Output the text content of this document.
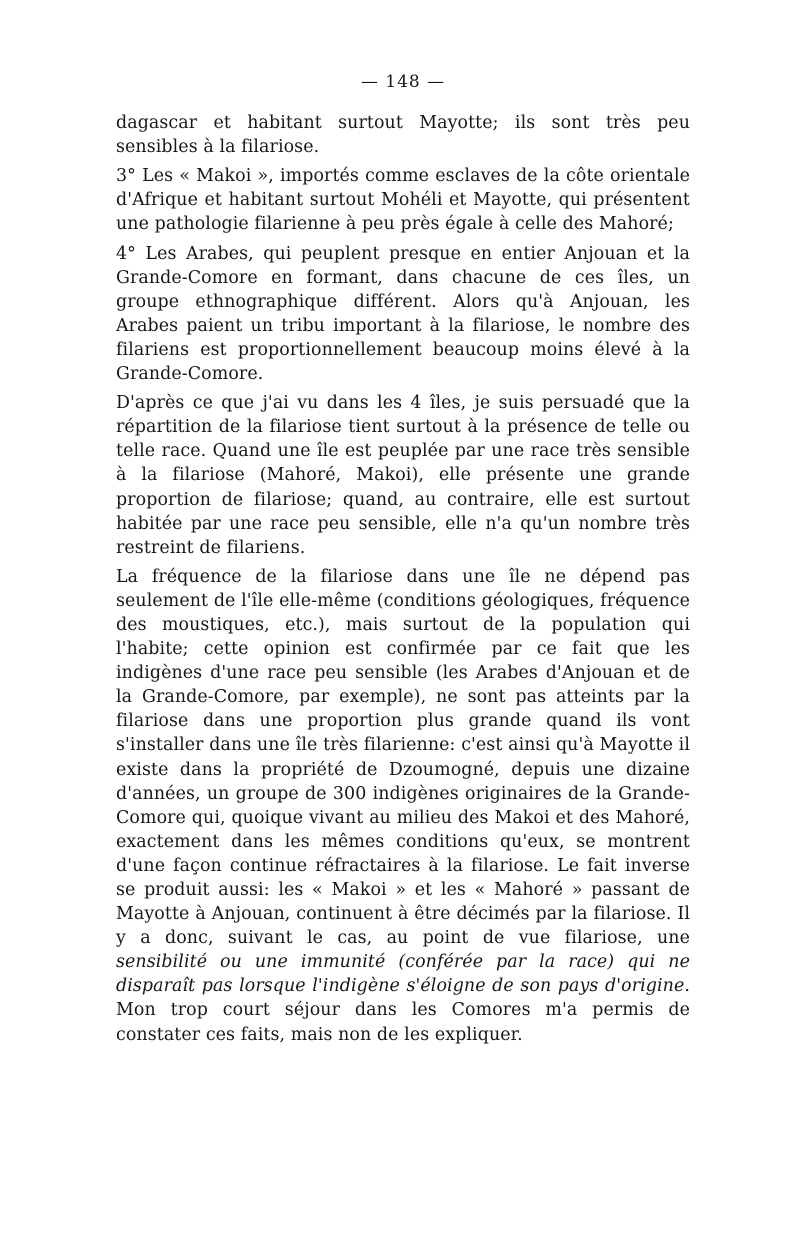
— 148 —

dagascar et habitant surtout Mayotte; ils sont très peu sensibles à la filariose.

3° Les « Makoi », importés comme esclaves de la côte orientale d'Afrique et habitant surtout Mohéli et Mayotte, qui présentent une pathologie filarienne à peu près égale à celle des Mahoré;

4° Les Arabes, qui peuplent presque en entier Anjouan et la Grande-Comore en formant, dans chacune de ces îles, un groupe ethnographique différent. Alors qu'à Anjouan, les Arabes paient un tribu important à la filariose, le nombre des filariens est proportionnellement beaucoup moins élevé à la Grande-Comore.

D'après ce que j'ai vu dans les 4 îles, je suis persuadé que la répartition de la filariose tient surtout à la présence de telle ou telle race. Quand une île est peuplée par une race très sensible à la filariose (Mahoré, Makoi), elle présente une grande proportion de filariose; quand, au contraire, elle est surtout habitée par une race peu sensible, elle n'a qu'un nombre très restreint de filariens.

La fréquence de la filariose dans une île ne dépend pas seulement de l'île elle-même (conditions géologiques, fréquence des moustiques, etc.), mais surtout de la population qui l'habite; cette opinion est confirmée par ce fait que les indigènes d'une race peu sensible (les Arabes d'Anjouan et de la Grande-Comore, par exemple), ne sont pas atteints par la filariose dans une proportion plus grande quand ils vont s'installer dans une île très filarienne: c'est ainsi qu'à Mayotte il existe dans la propriété de Dzoumogné, depuis une dizaine d'années, un groupe de 300 indigènes originaires de la Grande-Comore qui, quoique vivant au milieu des Makoi et des Mahoré, exactement dans les mêmes conditions qu'eux, se montrent d'une façon continue réfractaires à la filariose. Le fait inverse se produit aussi: les « Makoi » et les « Mahoré » passant de Mayotte à Anjouan, continuent à être décimés par la filariose. Il y a donc, suivant le cas, au point de vue filariose, une sensibilité ou une immunité (conférée par la race) qui ne disparaît pas lorsque l'indigène s'éloigne de son pays d'origine. Mon trop court séjour dans les Comores m'a permis de constater ces faits, mais non de les expliquer.
